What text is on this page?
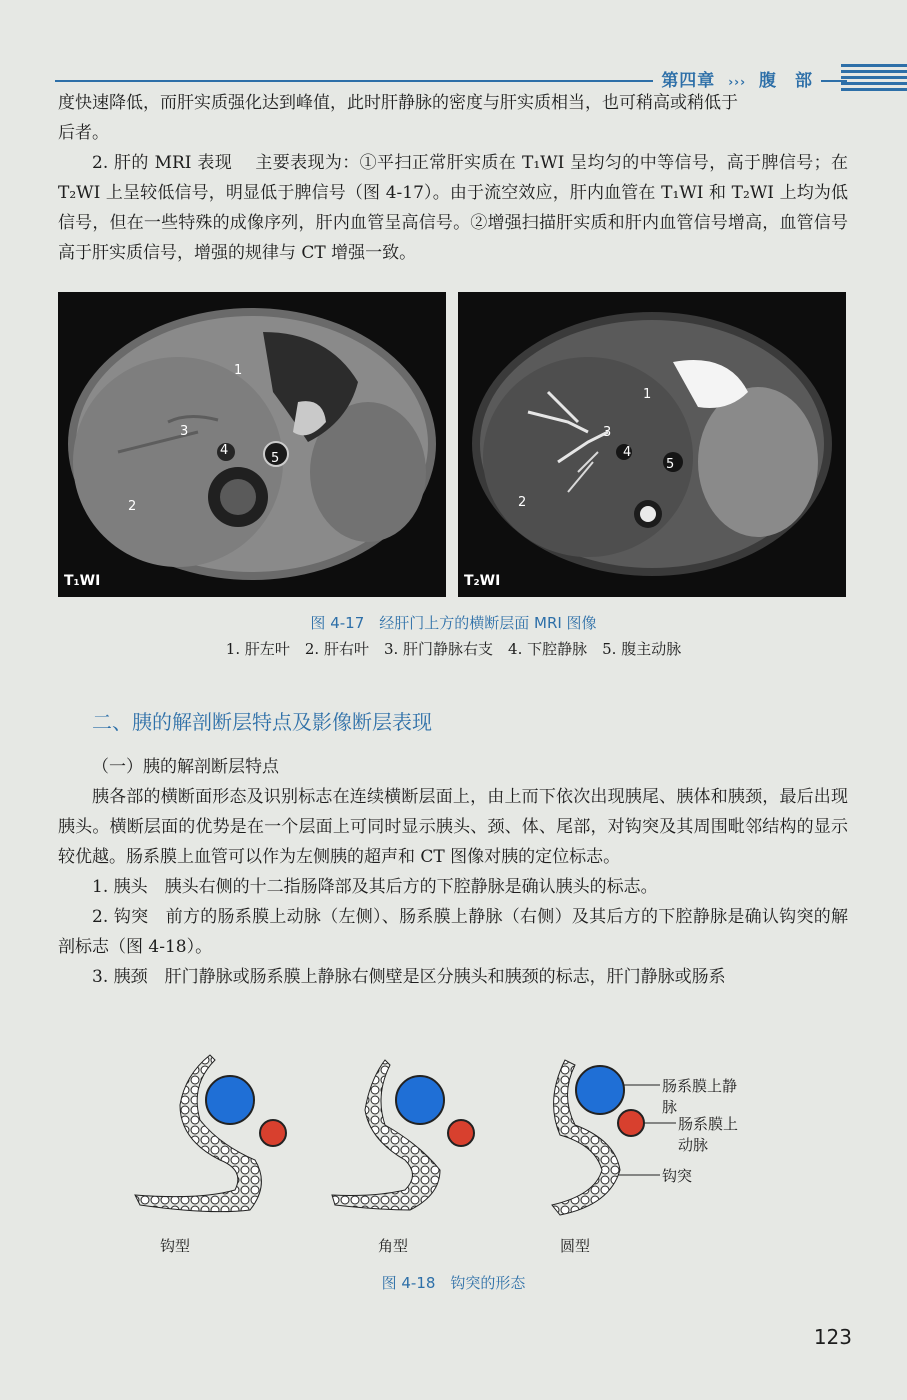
第四章 ››› 腹　部

度快速降低，而肝实质强化达到峰值，此时肝静脉的密度与肝实质相当，也可稍高或稍低于

后者。

2. 肝的 MRI 表现　 主要表现为：①平扫正常肝实质在 T₁WI 呈均匀的中等信号，高于脾信号；在 T₂WI 上呈较低信号，明显低于脾信号（图 4-17）。由于流空效应，肝内血管在 T₁WI 和 T₂WI 上均为低信号，但在一些特殊的成像序列，肝内血管呈高信号。②增强扫描肝实质和肝内血管信号增高，血管信号高于肝实质信号，增强的规律与 CT 增强一致。

1
2
3
4
5
T₁WI
1
2
3
4
5
T₂WI
图 4-17　经肝门上方的横断层面 MRI 图像
1. 肝左叶　2. 肝右叶　3. 肝门静脉右支　4. 下腔静脉　5. 腹主动脉
二、胰的解剖断层特点及影像断层表现
（一）胰的解剖断层特点

胰各部的横断面形态及识别标志在连续横断层面上，由上而下依次出现胰尾、胰体和胰颈，最后出现胰头。横断层面的优势是在一个层面上可同时显示胰头、颈、体、尾部，对钩突及其周围毗邻结构的显示较优越。肠系膜上血管可以作为左侧胰的超声和 CT 图像对胰的定位标志。

1. 胰头　胰头右侧的十二指肠降部及其后方的下腔静脉是确认胰头的标志。

2. 钩突　前方的肠系膜上动脉（左侧）、肠系膜上静脉（右侧）及其后方的下腔静脉是确认钩突的解剖标志（图 4-18）。

3. 胰颈　肝门静脉或肠系膜上静脉右侧壁是区分胰头和胰颈的标志，肝门静脉或肠系

钩型	角型	圆型
肠系膜上静脉
肠系膜上动脉
钩突
图 4-18　钩突的形态
123
